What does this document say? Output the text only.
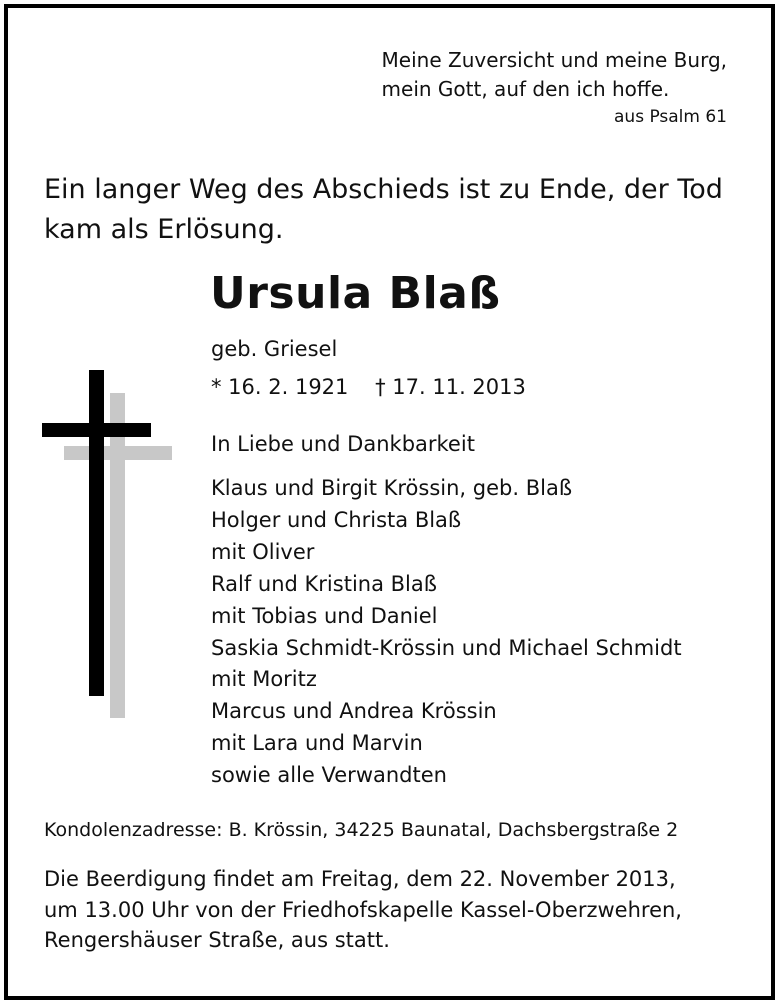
Meine Zuversicht und meine Burg,
mein Gott, auf den ich hoffe.
aus Psalm 61
Ein langer Weg des Abschieds ist zu Ende, der Tod kam als Erlösung.
Ursula Blaß
geb. Griesel
* 16. 2. 1921 † 17. 11. 2013
In Liebe und Dankbarkeit
Klaus und Birgit Krössin, geb. Blaß
Holger und Christa Blaß
mit Oliver
Ralf und Kristina Blaß
mit Tobias und Daniel
Saskia Schmidt-Krössin und Michael Schmidt
mit Moritz
Marcus und Andrea Krössin
mit Lara und Marvin
sowie alle Verwandten
Kondolenzadresse: B. Krössin, 34225 Baunatal, Dachsbergstraße 2
Die Beerdigung findet am Freitag, dem 22. November 2013,
um 13.00 Uhr von der Friedhofskapelle Kassel-Oberzwehren,
Rengershäuser Straße, aus statt.
